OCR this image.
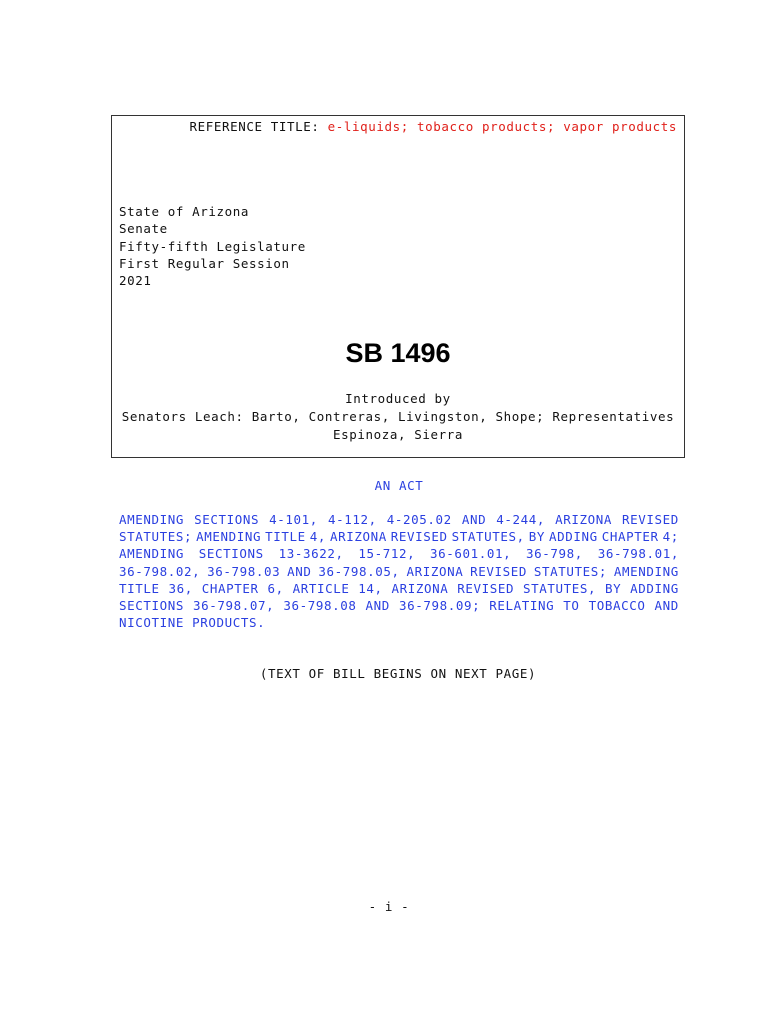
REFERENCE TITLE: e-liquids; tobacco products; vapor products
State of Arizona
Senate
Fifty-fifth Legislature
First Regular Session
2021
SB 1496
Introduced by
Senators Leach: Barto, Contreras, Livingston, Shope; Representatives
Espinoza, Sierra
AN ACT
AMENDING SECTIONS 4-101, 4-112, 4-205.02 AND 4-244, ARIZONA REVISED
STATUTES; AMENDING TITLE 4, ARIZONA REVISED STATUTES, BY ADDING CHAPTER 4;
AMENDING SECTIONS 13-3622, 15-712, 36-601.01, 36-798, 36-798.01,
36-798.02, 36-798.03 AND 36-798.05, ARIZONA REVISED STATUTES; AMENDING
TITLE 36, CHAPTER 6, ARTICLE 14, ARIZONA REVISED STATUTES, BY ADDING
SECTIONS 36-798.07, 36-798.08 AND 36-798.09; RELATING TO TOBACCO AND
NICOTINE PRODUCTS.
(TEXT OF BILL BEGINS ON NEXT PAGE)
- i -
